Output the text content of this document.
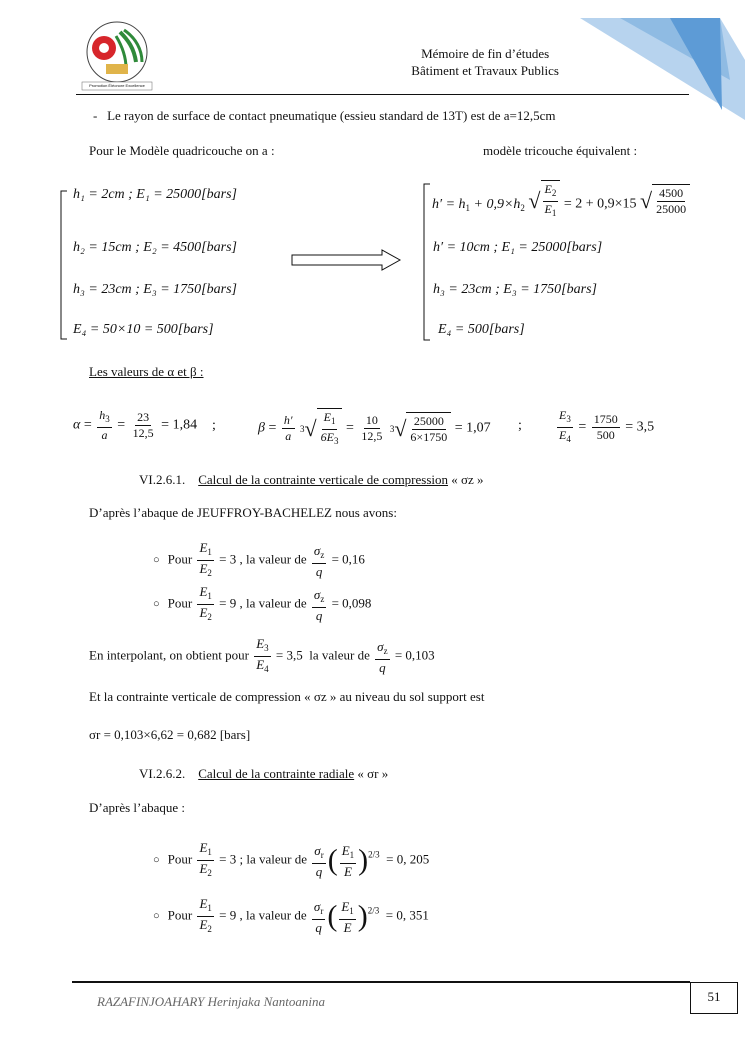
Promotion Éléonore Excellence
Mémoire de fin d’études
Bâtiment et Travaux Publics
-   Le rayon de surface de contact pneumatique (essieu standard de 13T) est de a=12,5cm
Pour le Modèle quadricouche on a :	modèle tricouche équivalent :
h₁ = 2cm ; E₁ = 25000[bars]
h₂ = 15cm ; E₂ = 4500[bars]
h₃ = 23cm ; E₃ = 1750[bars]
E₄ = 50×10 = 500[bars]
$h' = h_1 + 0,9\times h_2$ √ $\frac{E_2}{E_1} = 2 + 0,9\times 15$ √ $\frac{4500}{25000}$
h′ = 10cm ; E₁ = 25000[bars]
h₃ = 23cm ; E₃ = 1750[bars]
E₄ = 500[bars]
Les valeurs de α et β :
$\alpha = \frac{h_3}{a} = \frac{23}{12,5} = 1,84$ ;	$\beta = \frac{h'}{a}$
3 √ $\frac{E_1}{6E_3} = \frac{10}{12,5}$
3 √ $\frac{25000}{6\times 1750} = 1,07$ ;	$\frac{E_3}{E_4} = \frac{1750}{500} = 3,5$
VI.2.6.1. Calcul de la contrainte verticale de compression « σz »
D’après l’abaque de JEUFFROY-BACHELEZ nous avons:
○ Pour $\frac{E_1}{E_2} = 3$ , la valeur de $\frac{\sigma_z}{q} = 0,16$
○ Pour $\frac{E_1}{E_2} = 9$ , la valeur de $\frac{\sigma_z}{q} = 0,098$
En interpolant, on obtient pour $\frac{E_3}{E_4} = 3,5$  la valeur de $\frac{\sigma_z}{q} = 0,103$
Et la contrainte verticale de compression « σz » au niveau du sol support est
σr = 0,103×6,62 = 0,682 [bars]
VI.2.6.2. Calcul de la contrainte radiale « σr »
D’après l’abaque :
○ Pour $\frac{E_1}{E_2} = 3$ ; la valeur de $\frac{\sigma_r}{q}$ ( $\frac{E_1}{E} )^{2/3} = 0$, 205
○ Pour $\frac{E_1}{E_2} = 9$ , la valeur de $\frac{\sigma_r}{q}$ ( $\frac{E_1}{E} )^{2/3} = 0$, 351
RAZAFINJOAHARY Herinjaka Nantoanina	51
